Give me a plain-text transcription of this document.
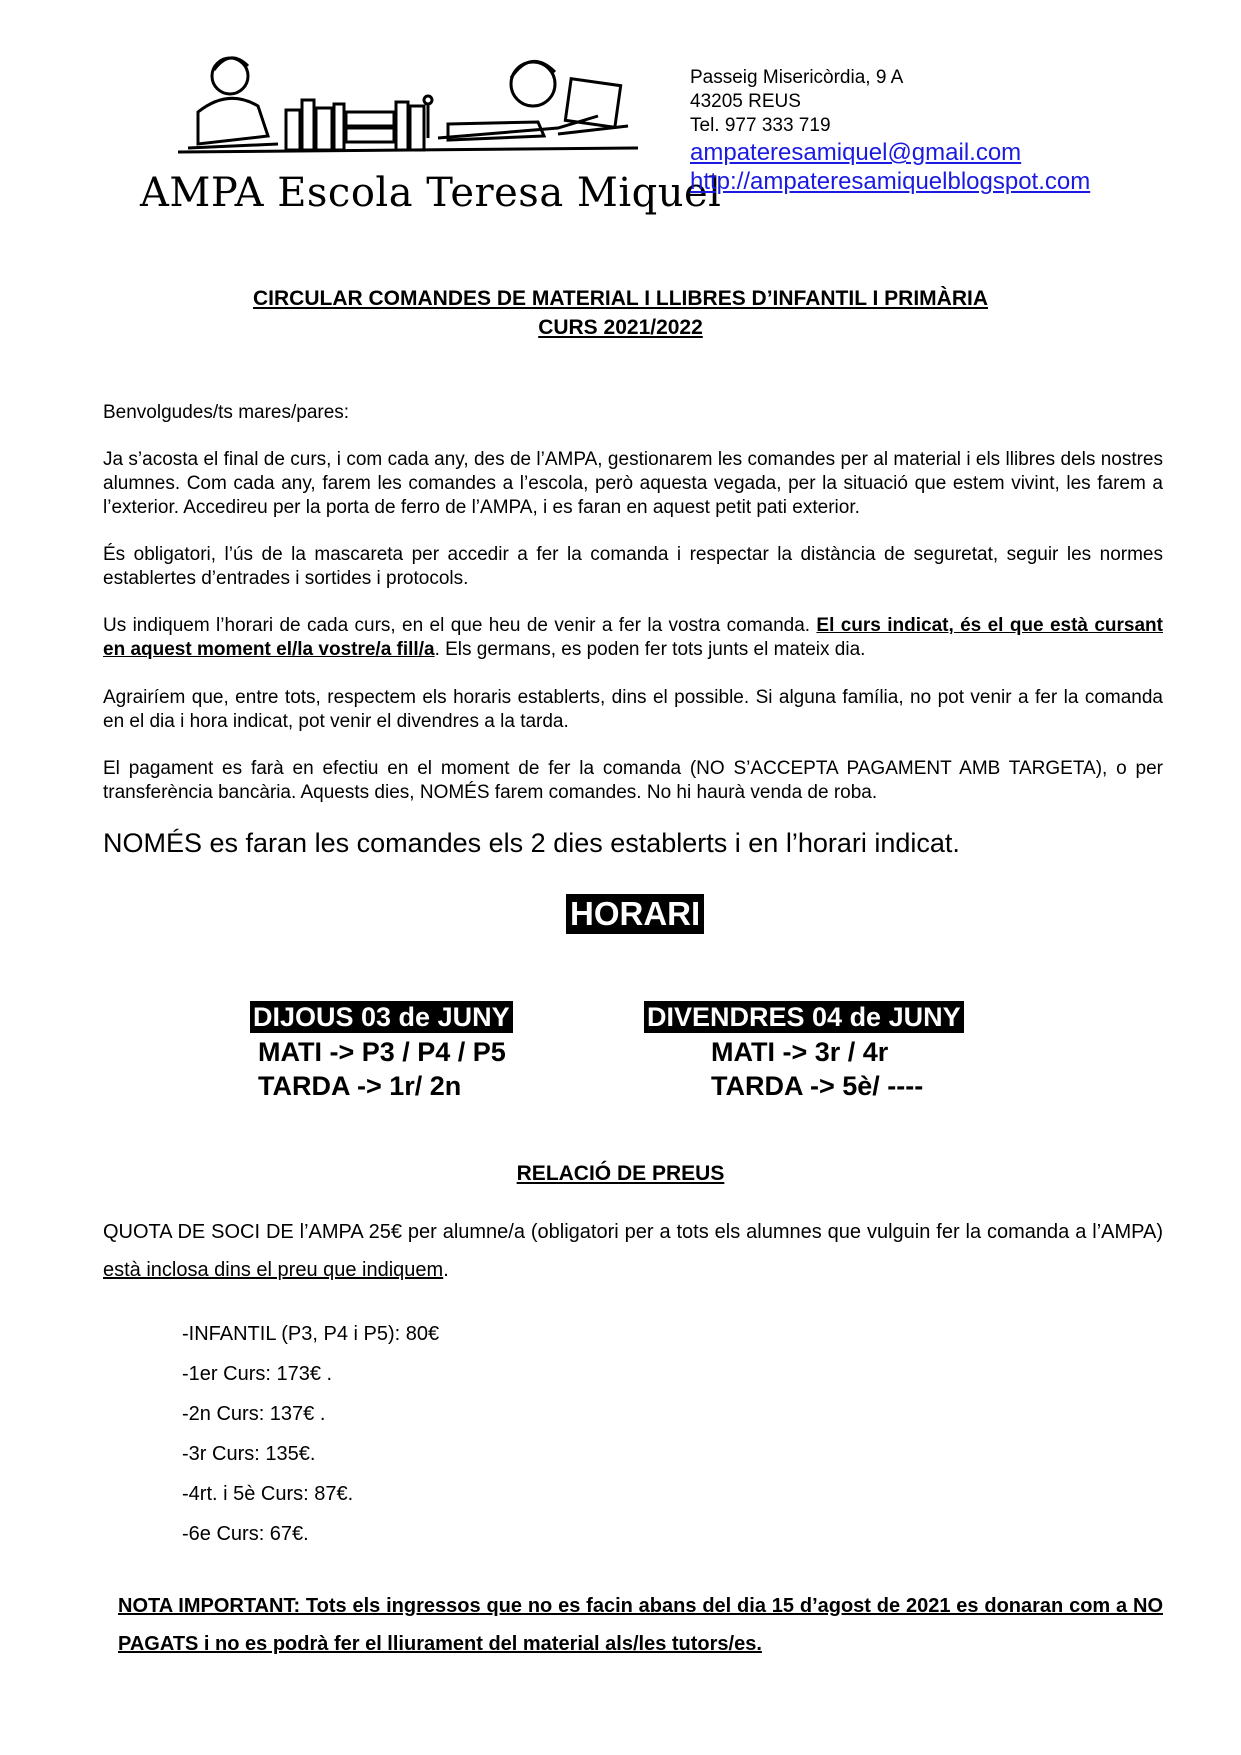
AMPA Escola Teresa Miquel
Passeig Misericòrdia, 9 A
43205 REUS
Tel. 977 333 719
ampateresamiquel@gmail.com
http://ampateresamiquelblogspot.com
CIRCULAR COMANDES DE MATERIAL I LLIBRES D’INFANTIL I PRIMÀRIA
CURS 2021/2022
Benvolgudes/ts mares/pares:
Ja s’acosta el final de curs, i com cada any, des de l’AMPA, gestionarem les comandes per al material i els llibres dels nostres alumnes. Com cada any, farem les comandes a l’escola, però aquesta vegada, per la situació que estem vivint, les farem a l’exterior. Accedireu per la porta de ferro de l’AMPA, i es faran en aquest petit pati exterior.
És obligatori, l’ús de la mascareta per accedir a fer la comanda i respectar la distància de seguretat, seguir les normes establertes d’entrades i sortides i protocols.
Us indiquem l’horari de cada curs, en el que heu de venir a fer la vostra comanda. El curs indicat, és el que està cursant en aquest moment el/la vostre/a fill/a. Els germans, es poden fer tots junts el mateix dia.
Agrairíem que, entre tots, respectem els horaris establerts, dins el possible. Si alguna família, no pot venir a fer la comanda en el dia i hora indicat, pot venir el divendres a la tarda.
El pagament es farà en efectiu en el moment de fer la comanda (NO S’ACCEPTA PAGAMENT AMB TARGETA), o per transferència bancària. Aquests dies, NOMÉS farem comandes. No hi haurà venda de roba.
NOMÉS es faran les comandes els 2 dies establerts i en l’horari indicat.
HORARI
MATI: 8:45 a 12:30 - TARDA: 15:15 a 17:30
DIJOUS 03 de JUNY
MATI -> P3 / P4 / P5
TARDA -> 1r/ 2n
DIVENDRES 04 de JUNY
MATI -> 3r / 4r
TARDA -> 5è/ ----
RELACIÓ DE PREUS
QUOTA DE SOCI DE l’AMPA 25€ per alumne/a (obligatori per a tots els alumnes que vulguin fer la comanda a l’AMPA) està inclosa dins el preu que indiquem.
-INFANTIL (P3, P4 i P5): 80€
-1er Curs: 173€ .
-2n Curs: 137€ .
-3r Curs: 135€.
-4rt. i 5è Curs: 87€.
-6e Curs: 67€.
NOTA IMPORTANT: Tots els ingressos que no es facin abans del dia 15 d’agost de 2021 es donaran com a NO PAGATS i no es podrà fer el lliurament del material als/les tutors/es.
